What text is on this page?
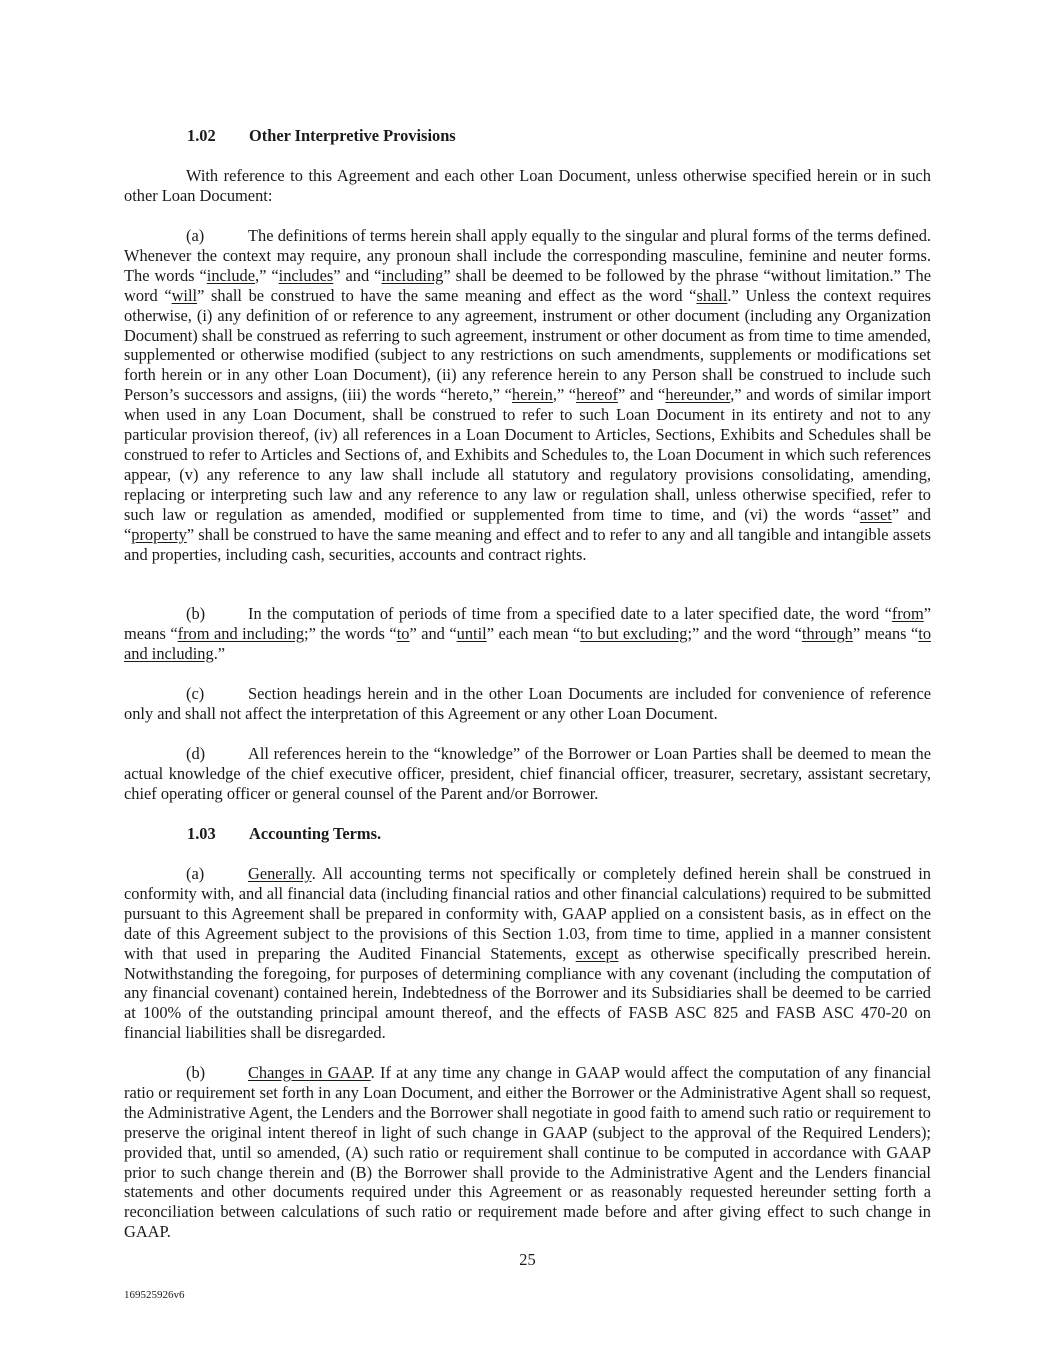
1.02 Other Interpretive Provisions

With reference to this Agreement and each other Loan Document, unless otherwise specified herein or in such other Loan Document:

(a)	The definitions of terms herein shall apply equally to the singular and plural forms of the terms defined. Whenever the context may require, any pronoun shall include the corresponding masculine, feminine and neuter forms. The words “include,” “includes” and “including” shall be deemed to be followed by the phrase “without limitation.” The word “will” shall be construed to have the same meaning and effect as the word “shall.” Unless the context requires otherwise, (i) any definition of or reference to any agreement, instrument or other document (including any Organization Document) shall be construed as referring to such agreement, instrument or other document as from time to time amended, supplemented or otherwise modified (subject to any restrictions on such amendments, supplements or modifications set forth herein or in any other Loan Document), (ii) any reference herein to any Person shall be construed to include such Person’s successors and assigns, (iii) the words “hereto,” “herein,” “hereof” and “hereunder,” and words of similar import when used in any Loan Document, shall be construed to refer to such Loan Document in its entirety and not to any particular provision thereof, (iv) all references in a Loan Document to Articles, Sections, Exhibits and Schedules shall be construed to refer to Articles and Sections of, and Exhibits and Schedules to, the Loan Document in which such references appear, (v) any reference to any law shall include all statutory and regulatory provisions consolidating, amending, replacing or interpreting such law and any reference to any law or regulation shall, unless otherwise specified, refer to such law or regulation as amended, modified or supplemented from time to time, and (vi) the words “asset” and “property” shall be construed to have the same meaning and effect and to refer to any and all tangible and intangible assets and properties, including cash, securities, accounts and contract rights.

(b)	In the computation of periods of time from a specified date to a later specified date, the word “from” means “from and including;” the words “to” and “until” each mean “to but excluding;” and the word “through” means “to and including.”

(c)	Section headings herein and in the other Loan Documents are included for convenience of reference only and shall not affect the interpretation of this Agreement or any other Loan Document.

(d)	All references herein to the “knowledge” of the Borrower or Loan Parties shall be deemed to mean the actual knowledge of the chief executive officer, president, chief financial officer, treasurer, secretary, assistant secretary, chief operating officer or general counsel of the Parent and/or Borrower.

1.03 Accounting Terms.

(a)	Generally. All accounting terms not specifically or completely defined herein shall be construed in conformity with, and all financial data (including financial ratios and other financial calculations) required to be submitted pursuant to this Agreement shall be prepared in conformity with, GAAP applied on a consistent basis, as in effect on the date of this Agreement subject to the provisions of this Section 1.03, from time to time, applied in a manner consistent with that used in preparing the Audited Financial Statements, except as otherwise specifically prescribed herein. Notwithstanding the foregoing, for purposes of determining compliance with any covenant (including the computation of any financial covenant) contained herein, Indebtedness of the Borrower and its Subsidiaries shall be deemed to be carried at 100% of the outstanding principal amount thereof, and the effects of FASB ASC 825 and FASB ASC 470-20 on financial liabilities shall be disregarded.

(b)	Changes in GAAP. If at any time any change in GAAP would affect the computation of any financial ratio or requirement set forth in any Loan Document, and either the Borrower or the Administrative Agent shall so request, the Administrative Agent, the Lenders and the Borrower shall negotiate in good faith to amend such ratio or requirement to preserve the original intent thereof in light of such change in GAAP (subject to the approval of the Required Lenders); provided that, until so amended, (A) such ratio or requirement shall continue to be computed in accordance with GAAP prior to such change therein and (B) the Borrower shall provide to the Administrative Agent and the Lenders financial statements and other documents required under this Agreement or as reasonably requested hereunder setting forth a reconciliation between calculations of such ratio or requirement made before and after giving effect to such change in GAAP.

25

169525926v6
